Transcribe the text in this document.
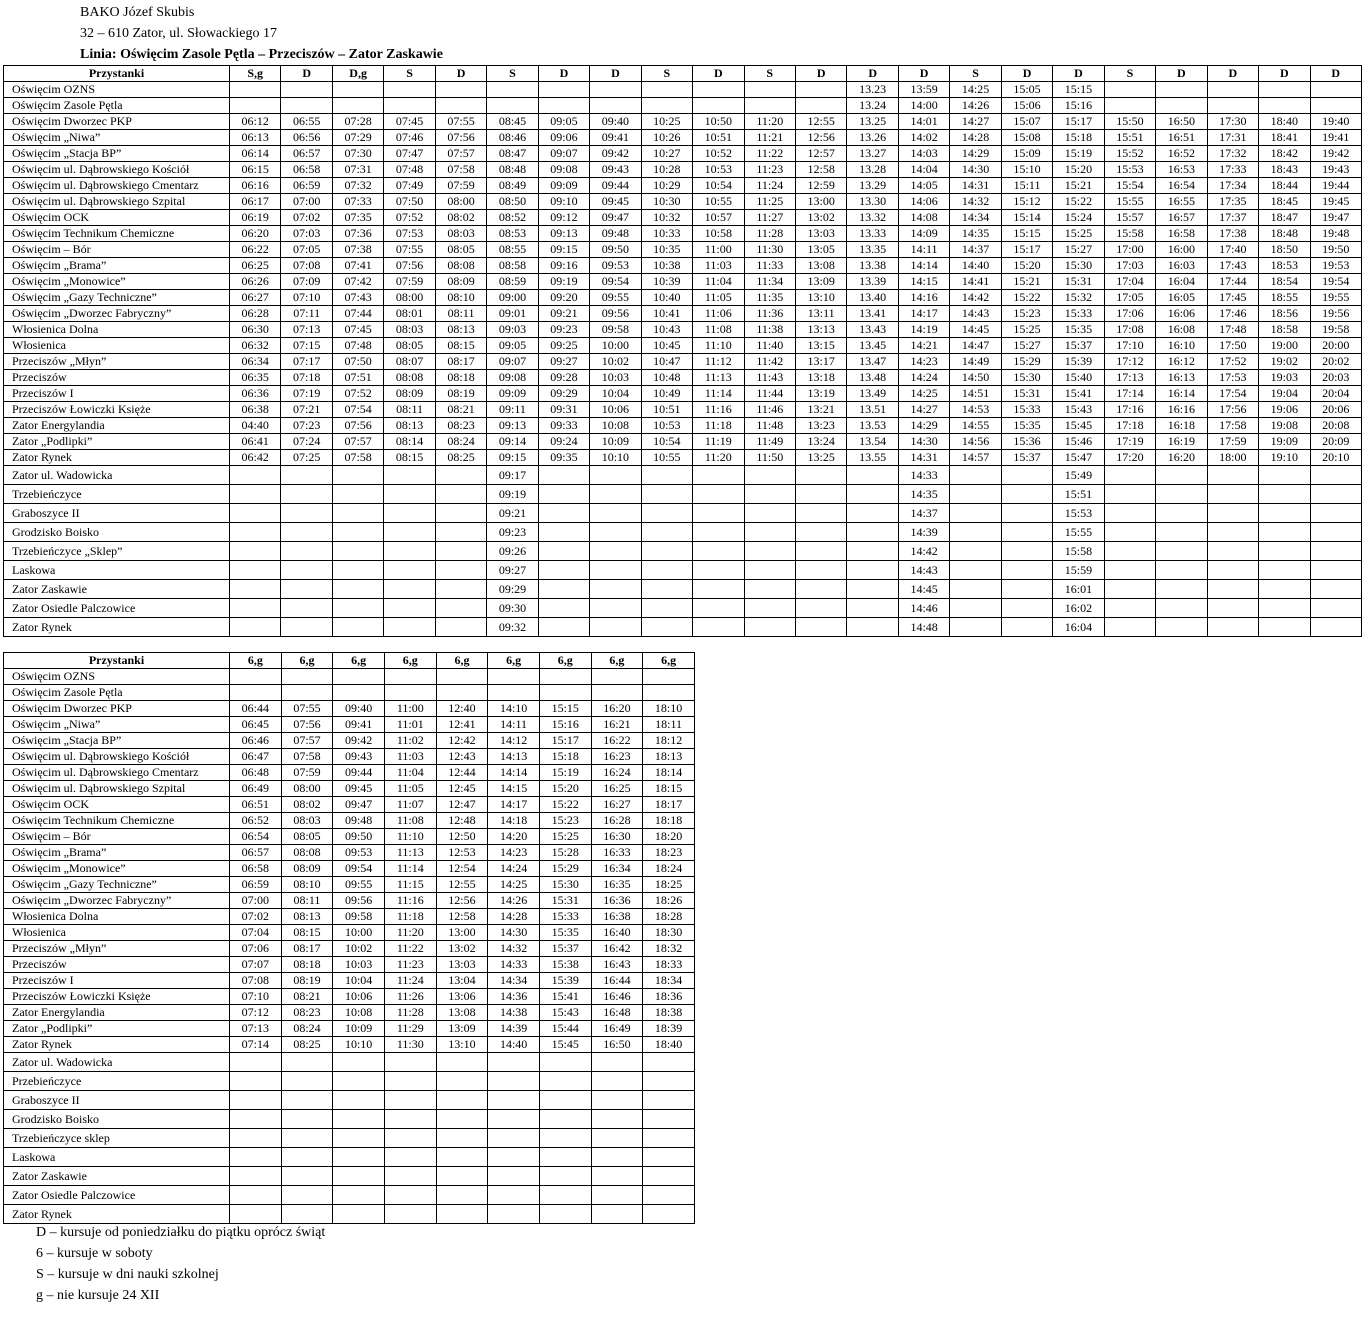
BAKO Józef Skubis
32 – 610 Zator, ul. Słowackiego 17
Linia: Oświęcim Zasole Pętla – Przeciszów – Zator Zaskawie
Przystanki	S,g	D	D,g	S	D	S	D	D	S	D	S	D	D	D	S	D	D	S	D	D	D	D
Oświęcim OZNS													13.23	13:59	14:25	15:05	15:15					
Oświęcim Zasole Pętla													13.24	14:00	14:26	15:06	15:16					
Oświęcim Dworzec PKP	06:12	06:55	07:28	07:45	07:55	08:45	09:05	09:40	10:25	10:50	11:20	12:55	13.25	14:01	14:27	15:07	15:17	15:50	16:50	17:30	18:40	19:40
Oświęcim „Niwa”	06:13	06:56	07:29	07:46	07:56	08:46	09:06	09:41	10:26	10:51	11:21	12:56	13.26	14:02	14:28	15:08	15:18	15:51	16:51	17:31	18:41	19:41
Oświęcim „Stacja BP”	06:14	06:57	07:30	07:47	07:57	08:47	09:07	09:42	10:27	10:52	11:22	12:57	13.27	14:03	14:29	15:09	15:19	15:52	16:52	17:32	18:42	19:42
Oświęcim ul. Dąbrowskiego Kościół	06:15	06:58	07:31	07:48	07:58	08:48	09:08	09:43	10:28	10:53	11:23	12:58	13.28	14:04	14:30	15:10	15:20	15:53	16:53	17:33	18:43	19:43
Oświęcim ul. Dąbrowskiego Cmentarz	06:16	06:59	07:32	07:49	07:59	08:49	09:09	09:44	10:29	10:54	11:24	12:59	13.29	14:05	14:31	15:11	15:21	15:54	16:54	17:34	18:44	19:44
Oświęcim ul. Dąbrowskiego Szpital	06:17	07:00	07:33	07:50	08:00	08:50	09:10	09:45	10:30	10:55	11:25	13:00	13.30	14:06	14:32	15:12	15:22	15:55	16:55	17:35	18:45	19:45
Oświęcim OCK	06:19	07:02	07:35	07:52	08:02	08:52	09:12	09:47	10:32	10:57	11:27	13:02	13.32	14:08	14:34	15:14	15:24	15:57	16:57	17:37	18:47	19:47
Oświęcim Technikum Chemiczne	06:20	07:03	07:36	07:53	08:03	08:53	09:13	09:48	10:33	10:58	11:28	13:03	13.33	14:09	14:35	15:15	15:25	15:58	16:58	17:38	18:48	19:48
Oświęcim – Bór	06:22	07:05	07:38	07:55	08:05	08:55	09:15	09:50	10:35	11:00	11:30	13:05	13.35	14:11	14:37	15:17	15:27	17:00	16:00	17:40	18:50	19:50
Oświęcim „Brama”	06:25	07:08	07:41	07:56	08:08	08:58	09:16	09:53	10:38	11:03	11:33	13:08	13.38	14:14	14:40	15:20	15:30	17:03	16:03	17:43	18:53	19:53
Oświęcim „Monowice”	06:26	07:09	07:42	07:59	08:09	08:59	09:19	09:54	10:39	11:04	11:34	13:09	13.39	14:15	14:41	15:21	15:31	17:04	16:04	17:44	18:54	19:54
Oświęcim „Gazy Techniczne”	06:27	07:10	07:43	08:00	08:10	09:00	09:20	09:55	10:40	11:05	11:35	13:10	13.40	14:16	14:42	15:22	15:32	17:05	16:05	17:45	18:55	19:55
Oświęcim „Dworzec Fabryczny”	06:28	07:11	07:44	08:01	08:11	09:01	09:21	09:56	10:41	11:06	11:36	13:11	13.41	14:17	14:43	15:23	15:33	17:06	16:06	17:46	18:56	19:56
Włosienica Dolna	06:30	07:13	07:45	08:03	08:13	09:03	09:23	09:58	10:43	11:08	11:38	13:13	13.43	14:19	14:45	15:25	15:35	17:08	16:08	17:48	18:58	19:58
Włosienica	06:32	07:15	07:48	08:05	08:15	09:05	09:25	10:00	10:45	11:10	11:40	13:15	13.45	14:21	14:47	15:27	15:37	17:10	16:10	17:50	19:00	20:00
Przeciszów „Młyn”	06:34	07:17	07:50	08:07	08:17	09:07	09:27	10:02	10:47	11:12	11:42	13:17	13.47	14:23	14:49	15:29	15:39	17:12	16:12	17:52	19:02	20:02
Przeciszów	06:35	07:18	07:51	08:08	08:18	09:08	09:28	10:03	10:48	11:13	11:43	13:18	13.48	14:24	14:50	15:30	15:40	17:13	16:13	17:53	19:03	20:03
Przeciszów I	06:36	07:19	07:52	08:09	08:19	09:09	09:29	10:04	10:49	11:14	11:44	13:19	13.49	14:25	14:51	15:31	15:41	17:14	16:14	17:54	19:04	20:04
Przeciszów Łowiczki Księże	06:38	07:21	07:54	08:11	08:21	09:11	09:31	10:06	10:51	11:16	11:46	13:21	13.51	14:27	14:53	15:33	15:43	17:16	16:16	17:56	19:06	20:06
Zator Energylandia	04:40	07:23	07:56	08:13	08:23	09:13	09:33	10:08	10:53	11:18	11:48	13:23	13.53	14:29	14:55	15:35	15:45	17:18	16:18	17:58	19:08	20:08
Zator „Podlipki”	06:41	07:24	07:57	08:14	08:24	09:14	09:24	10:09	10:54	11:19	11:49	13:24	13.54	14:30	14:56	15:36	15:46	17:19	16:19	17:59	19:09	20:09
Zator Rynek	06:42	07:25	07:58	08:15	08:25	09:15	09:35	10:10	10:55	11:20	11:50	13:25	13.55	14:31	14:57	15:37	15:47	17:20	16:20	18:00	19:10	20:10
Zator ul. Wadowicka						09:17								14:33			15:49					
Trzebieńczyce						09:19								14:35			15:51					
Graboszyce II						09:21								14:37			15:53					
Grodzisko Boisko						09:23								14:39			15:55					
Trzebieńczyce „Sklep”						09:26								14:42			15:58					
Laskowa						09:27								14:43			15:59					
Zator Zaskawie						09:29								14:45			16:01					
Zator Osiedle Palczowice						09:30								14:46			16:02					
Zator Rynek						09:32								14:48			16:04					
Przystanki	6,g	6,g	6,g	6,g	6,g	6,g	6,g	6,g	6,g
Oświęcim OZNS									
Oświęcim Zasole Pętla									
Oświęcim Dworzec PKP	06:44	07:55	09:40	11:00	12:40	14:10	15:15	16:20	18:10
Oświęcim „Niwa”	06:45	07:56	09:41	11:01	12:41	14:11	15:16	16:21	18:11
Oświęcim „Stacja BP”	06:46	07:57	09:42	11:02	12:42	14:12	15:17	16:22	18:12
Oświęcim ul. Dąbrowskiego Kościół	06:47	07:58	09:43	11:03	12:43	14:13	15:18	16:23	18:13
Oświęcim ul. Dąbrowskiego Cmentarz	06:48	07:59	09:44	11:04	12:44	14:14	15:19	16:24	18:14
Oświęcim ul. Dąbrowskiego Szpital	06:49	08:00	09:45	11:05	12:45	14:15	15:20	16:25	18:15
Oświęcim OCK	06:51	08:02	09:47	11:07	12:47	14:17	15:22	16:27	18:17
Oświęcim Technikum Chemiczne	06:52	08:03	09:48	11:08	12:48	14:18	15:23	16:28	18:18
Oświęcim – Bór	06:54	08:05	09:50	11:10	12:50	14:20	15:25	16:30	18:20
Oświęcim „Brama”	06:57	08:08	09:53	11:13	12:53	14:23	15:28	16:33	18:23
Oświęcim „Monowice”	06:58	08:09	09:54	11:14	12:54	14:24	15:29	16:34	18:24
Oświęcim „Gazy Techniczne”	06:59	08:10	09:55	11:15	12:55	14:25	15:30	16:35	18:25
Oświęcim „Dworzec Fabryczny”	07:00	08:11	09:56	11:16	12:56	14:26	15:31	16:36	18:26
Włosienica Dolna	07:02	08:13	09:58	11:18	12:58	14:28	15:33	16:38	18:28
Włosienica	07:04	08:15	10:00	11:20	13:00	14:30	15:35	16:40	18:30
Przeciszów „Młyn”	07:06	08:17	10:02	11:22	13:02	14:32	15:37	16:42	18:32
Przeciszów	07:07	08:18	10:03	11:23	13:03	14:33	15:38	16:43	18:33
Przeciszów I	07:08	08:19	10:04	11:24	13:04	14:34	15:39	16:44	18:34
Przeciszów Łowiczki Księże	07:10	08:21	10:06	11:26	13:06	14:36	15:41	16:46	18:36
Zator Energylandia	07:12	08:23	10:08	11:28	13:08	14:38	15:43	16:48	18:38
Zator „Podlipki”	07:13	08:24	10:09	11:29	13:09	14:39	15:44	16:49	18:39
Zator Rynek	07:14	08:25	10:10	11:30	13:10	14:40	15:45	16:50	18:40
Zator ul. Wadowicka									
Przebieńczyce									
Graboszyce II									
Grodzisko Boisko									
Trzebieńczyce sklep									
Laskowa									
Zator Zaskawie									
Zator Osiedle Palczowice									
Zator Rynek									
D – kursuje od poniedziałku do piątku oprócz świąt
6 – kursuje w soboty
S – kursuje w dni nauki szkolnej
g – nie kursuje 24 XII
